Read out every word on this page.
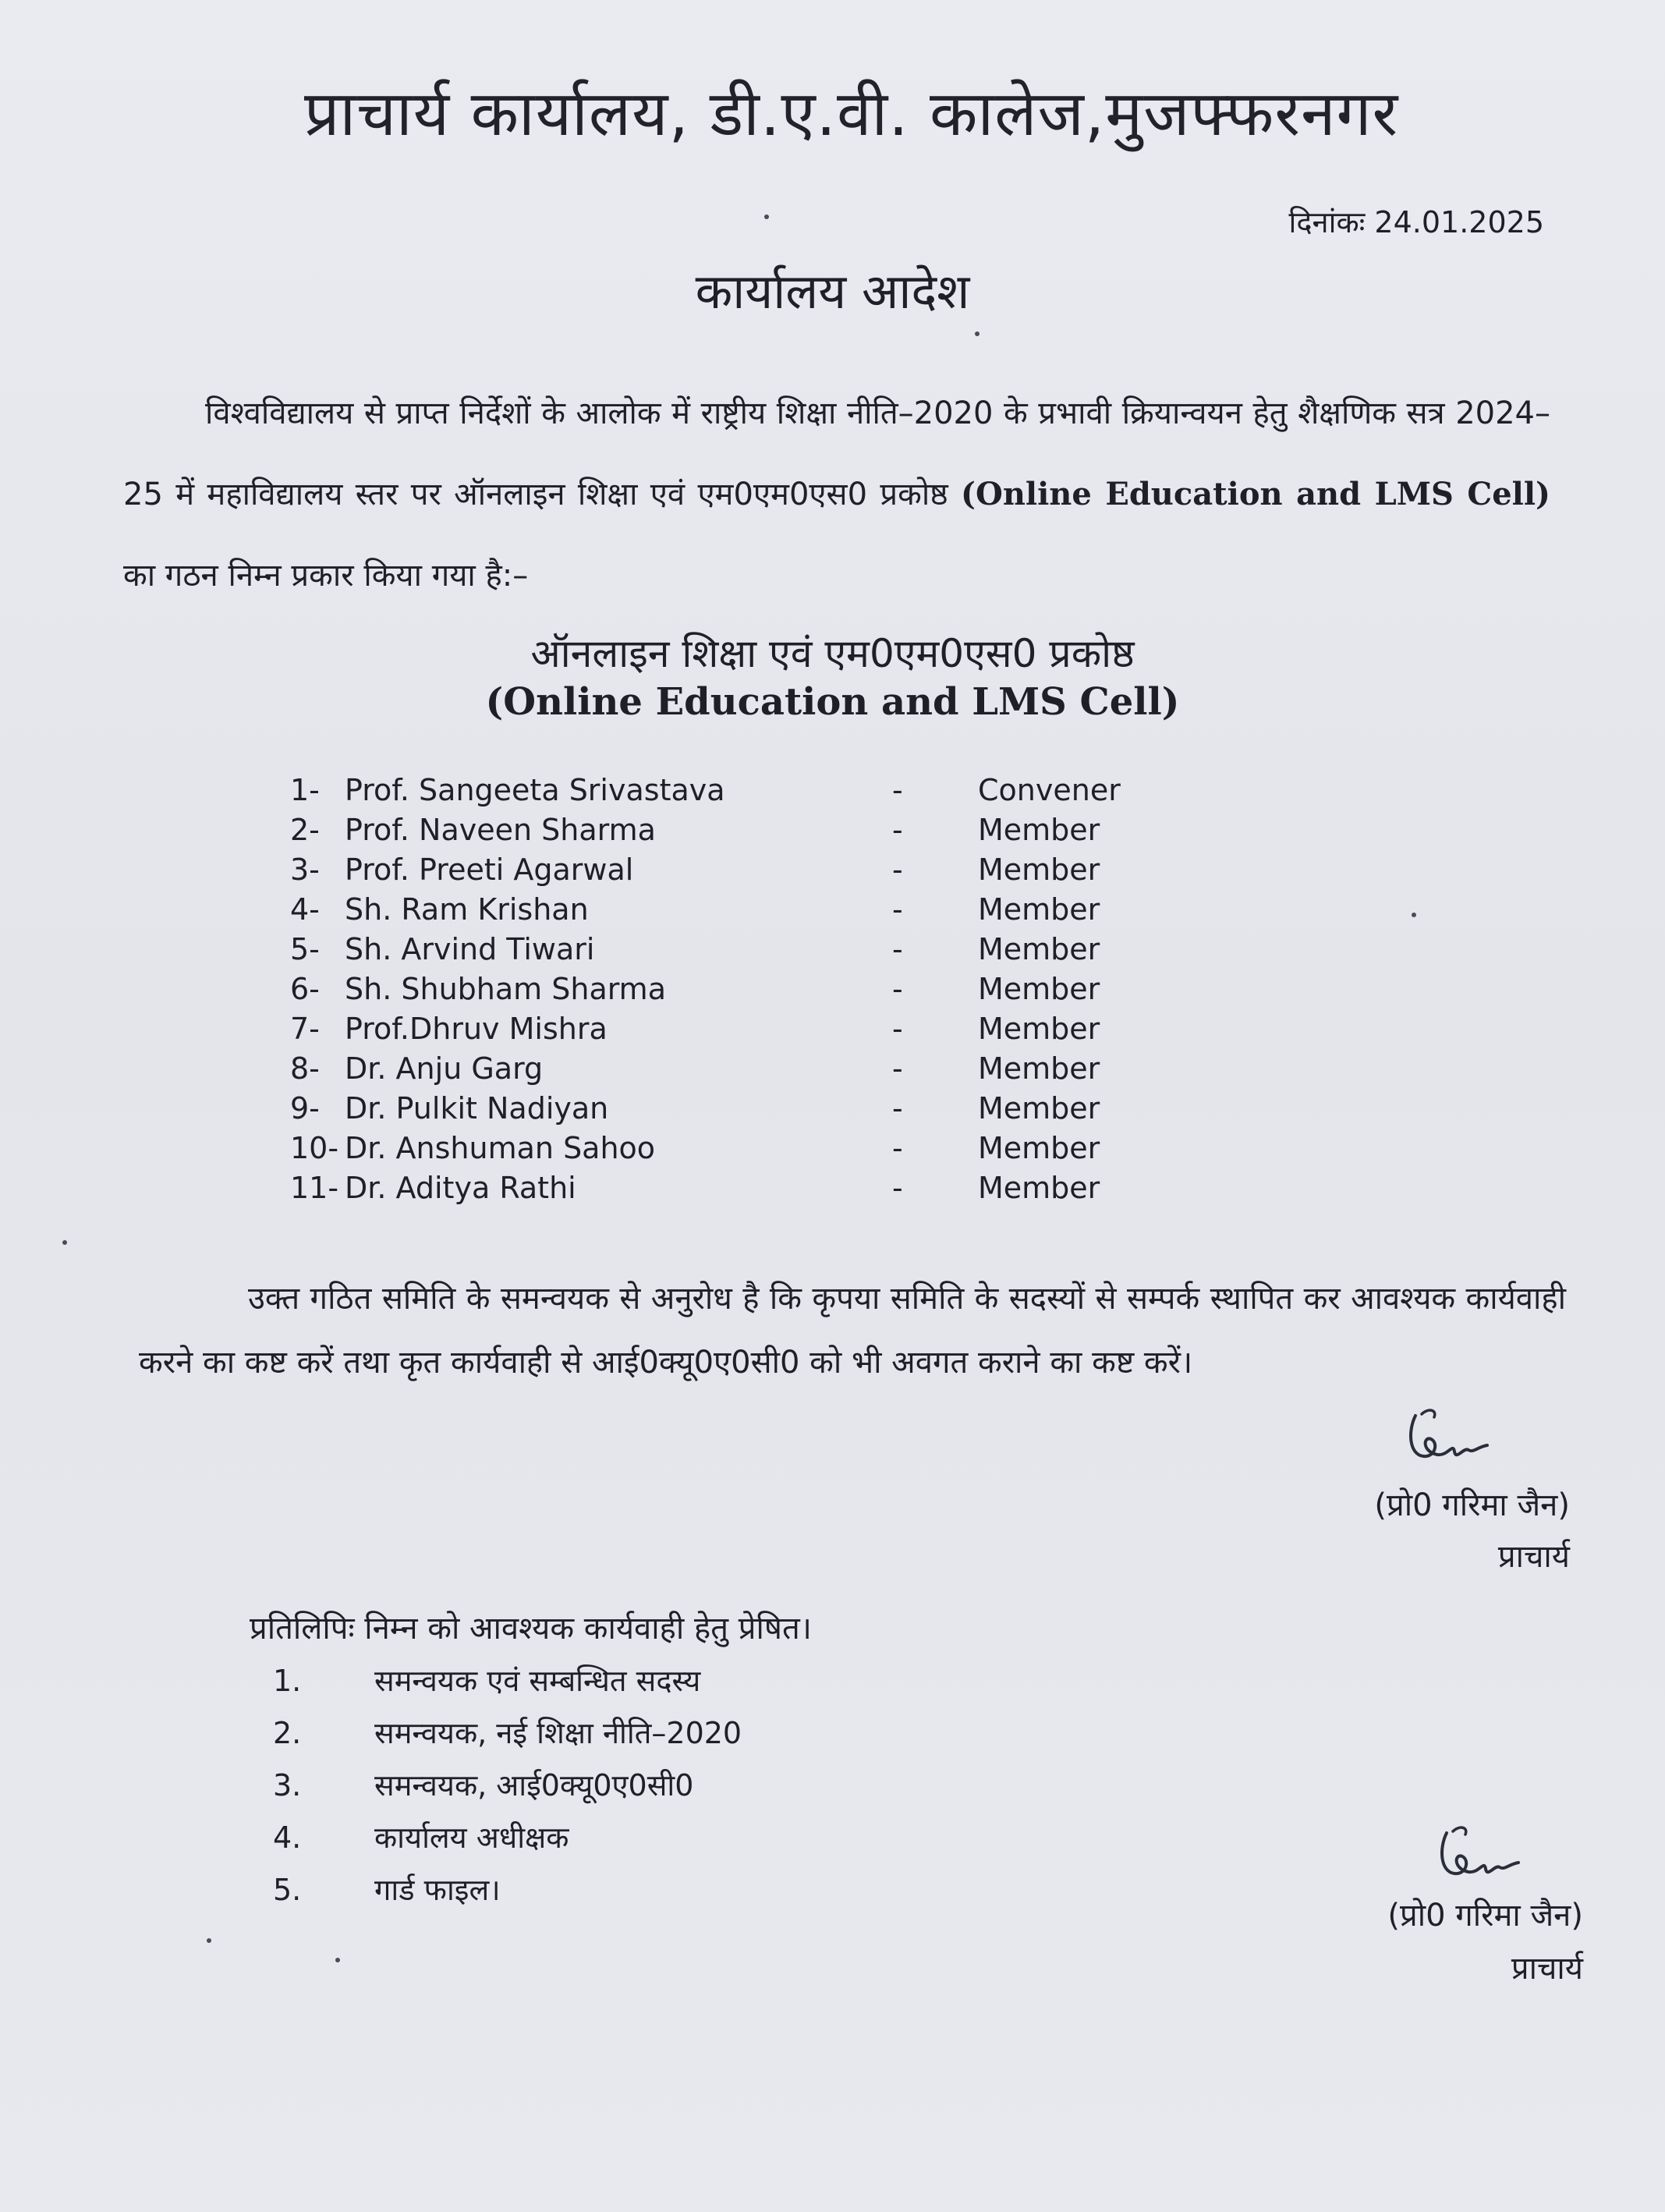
प्राचार्य कार्यालय, डी.ए.वी. कालेज,मुजफ्फरनगर
दिनांकः 24.01.2025
कार्यालय आदेश
विश्वविद्यालय से प्राप्त निर्देशों के आलोक में राष्ट्रीय शिक्षा नीति–2020 के प्रभावी क्रियान्वयन हेतु शैक्षणिक सत्र 2024–25 में महाविद्यालय स्तर पर ऑनलाइन शिक्षा एवं एम0एम0एस0 प्रकोष्ठ (Online Education and LMS Cell) का गठन निम्न प्रकार किया गया है:–
ऑनलाइन शिक्षा एवं एम0एम0एस0 प्रकोष्ठ
(Online Education and LMS Cell)
1- Prof. Sangeeta Srivastava	-	Convener
2- Prof. Naveen Sharma	-	Member
3- Prof. Preeti Agarwal	-	Member
4- Sh. Ram Krishan	-	Member
5- Sh. Arvind Tiwari	-	Member
6- Sh. Shubham Sharma	-	Member
7- Prof.Dhruv Mishra	-	Member
8- Dr. Anju Garg	-	Member
9- Dr. Pulkit Nadiyan	-	Member
10- Dr. Anshuman Sahoo	-	Member
11- Dr. Aditya Rathi	-	Member
उक्त गठित समिति के समन्वयक से अनुरोध है कि कृपया समिति के सदस्यों से सम्पर्क स्थापित कर आवश्यक कार्यवाही करने का कष्ट करें तथा कृत कार्यवाही से आई0क्यू0ए0सी0 को भी अवगत कराने का कष्ट करें।
(प्रो0 गरिमा जैन)
प्राचार्य
प्रतिलिपिः निम्न को आवश्यक कार्यवाही हेतु प्रेषित।
1.	समन्वयक एवं सम्बन्धित सदस्य
2.	समन्वयक, नई शिक्षा नीति–2020
3.	समन्वयक, आई0क्यू0ए0सी0
4.	कार्यालय अधीक्षक
5.	गार्ड फाइल।
(प्रो0 गरिमा जैन)
प्राचार्य
